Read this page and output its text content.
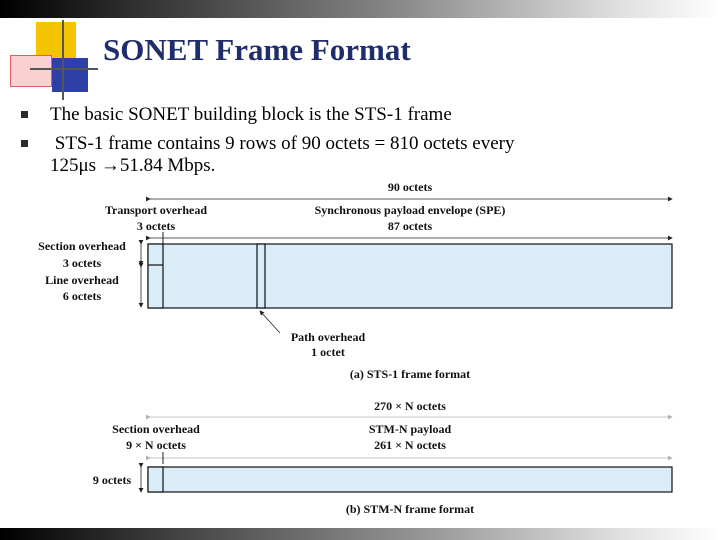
SONET Frame Format
The basic SONET building block is the STS-1 frame
STS-1 frame contains 9 rows of 90 octets = 810 octets every
125μs →51.84 Mbps.
90 octets
Transport overhead
3 octets
Synchronous payload envelope (SPE)
87 octets
Section overhead
3 octets
Line overhead
6 octets
Path overhead
1 octet
(a) STS-1 frame format
270 × N octets
Section overhead
9 × N octets
STM-N payload
261 × N octets
9 octets
(b) STM-N frame format
